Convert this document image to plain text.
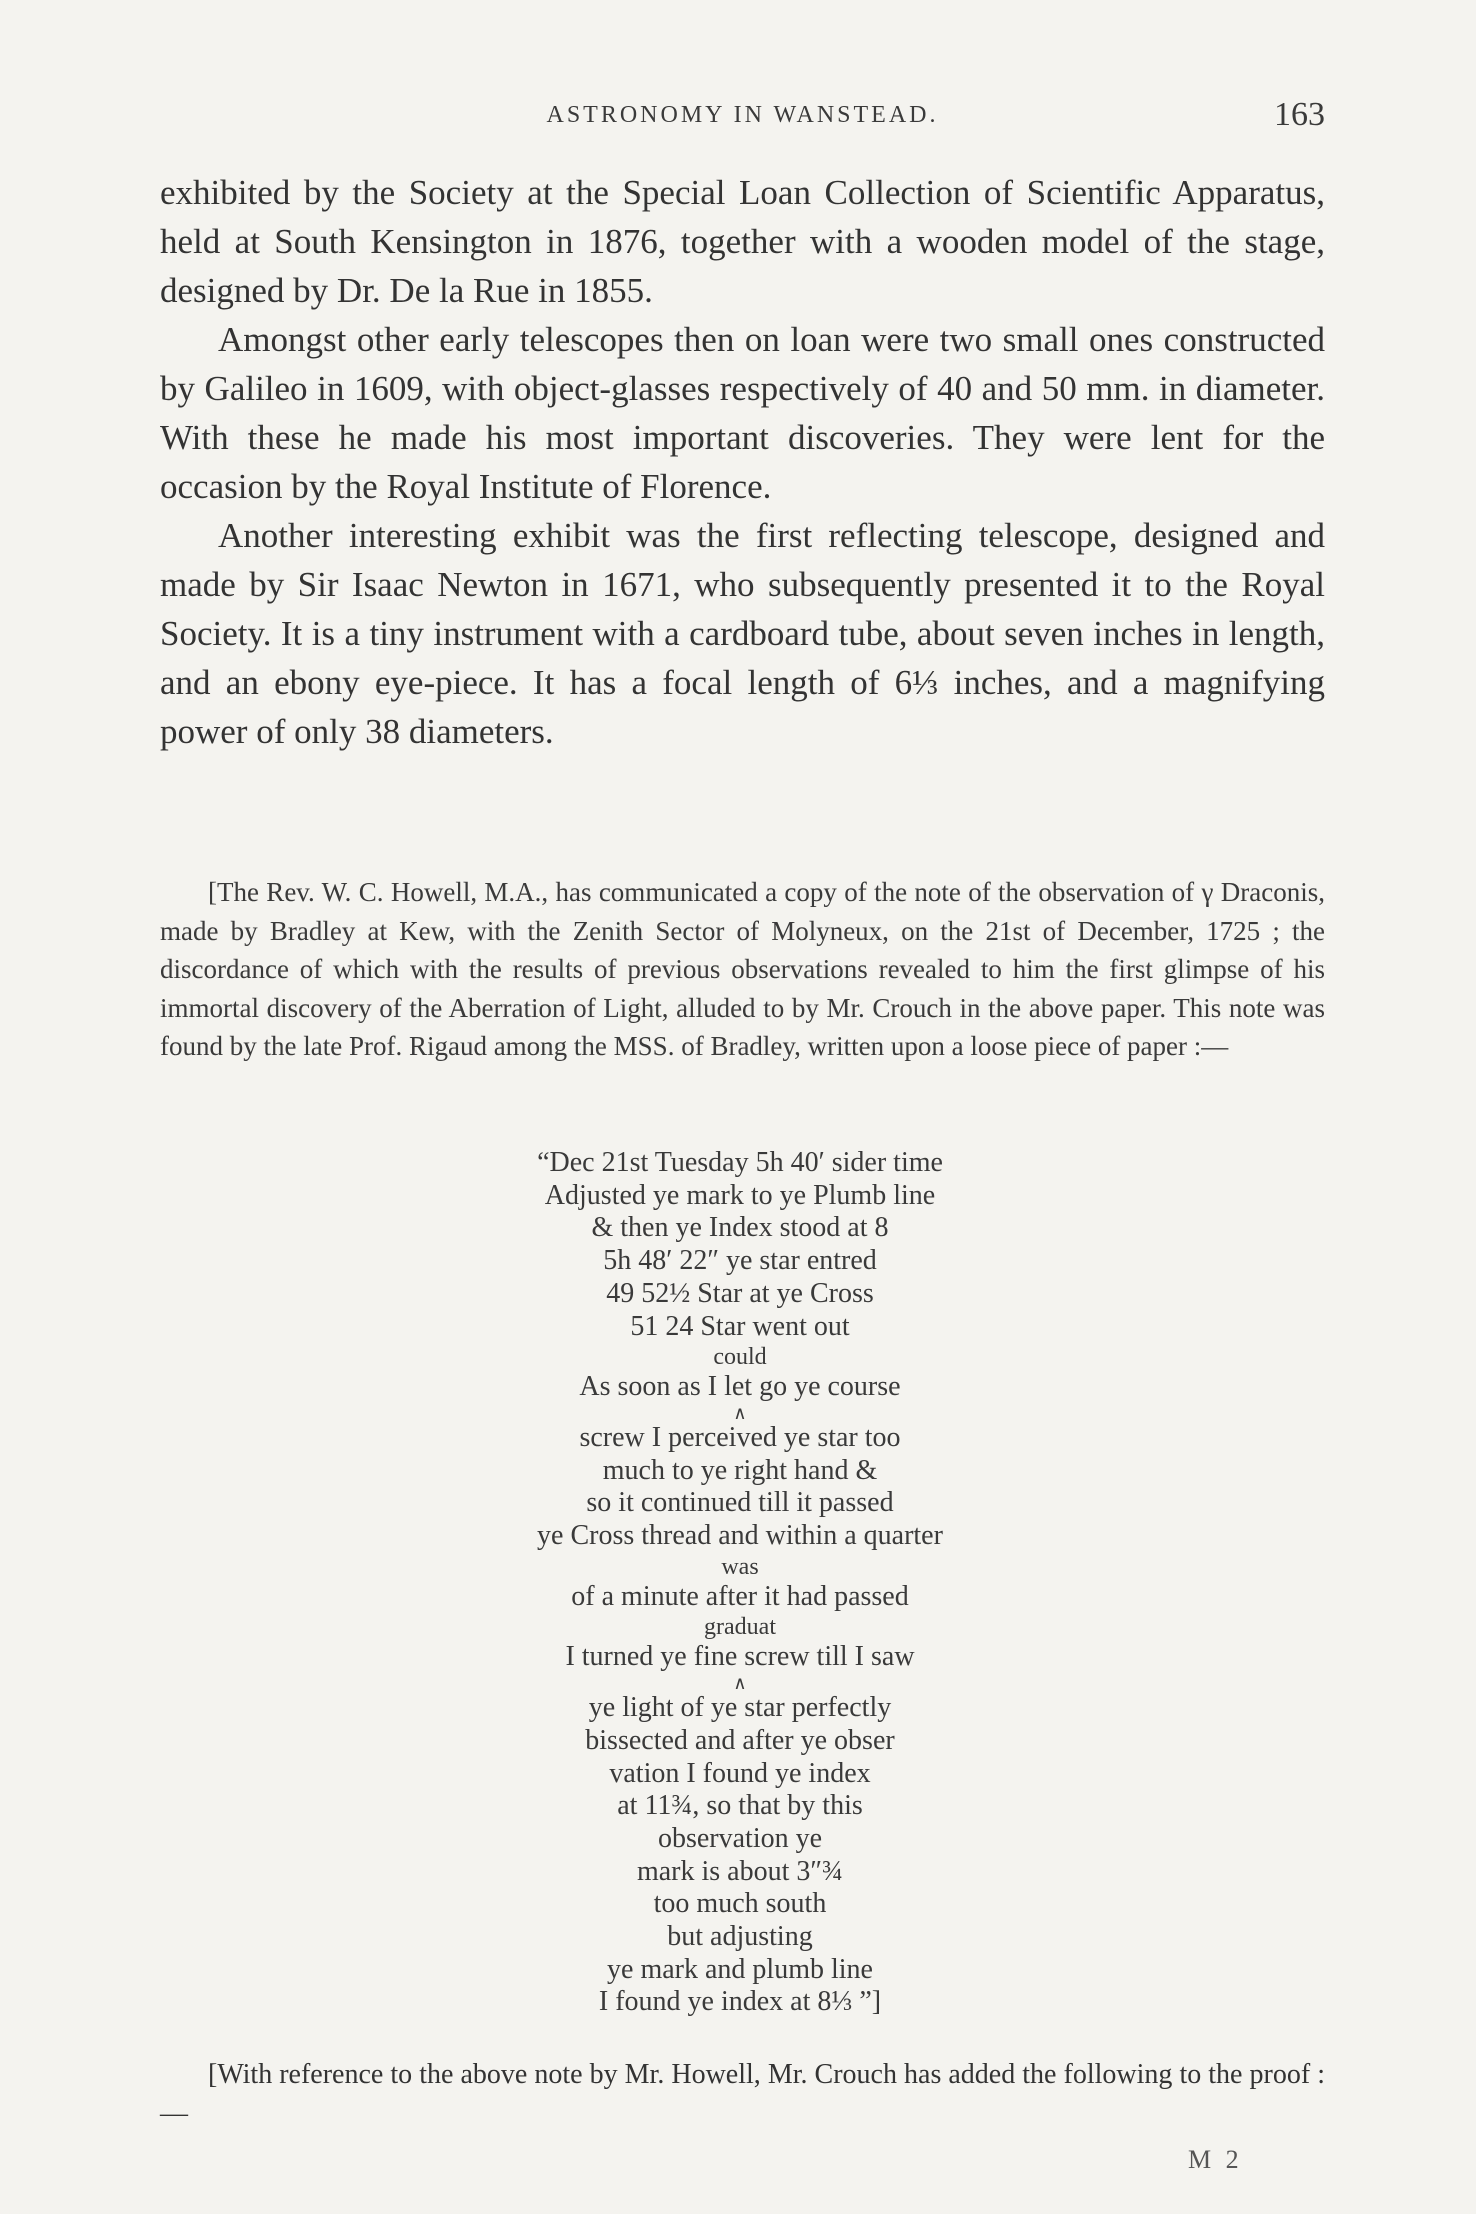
ASTRONOMY IN WANSTEAD.	163

exhibited by the Society at the Special Loan Collection of Scientific Apparatus, held at South Kensington in 1876, together with a wooden model of the stage, designed by Dr. De la Rue in 1855.

Amongst other early telescopes then on loan were two small ones constructed by Galileo in 1609, with object-glasses respectively of 40 and 50 mm. in diameter. With these he made his most important discoveries. They were lent for the occasion by the Royal Institute of Florence.

Another interesting exhibit was the first reflecting telescope, designed and made by Sir Isaac Newton in 1671, who subsequently presented it to the Royal Society. It is a tiny instrument with a cardboard tube, about seven inches in length, and an ebony eye-piece. It has a focal length of 6⅓ inches, and a magnifying power of only 38 diameters.

[The Rev. W. C. Howell, M.A., has communicated a copy of the note of the observation of γ Draconis, made by Bradley at Kew, with the Zenith Sector of Molyneux, on the 21st of December, 1725 ; the discordance of which with the results of previous observations revealed to him the first glimpse of his immortal discovery of the Aberration of Light, alluded to by Mr. Crouch in the above paper. This note was found by the late Prof. Rigaud among the MSS. of Bradley, written upon a loose piece of paper :—

“Dec 21st Tuesday 5h 40′ sider time
Adjusted ye mark to ye Plumb line
& then ye Index stood at 8
5h 48′ 22″ ye star entred
49 52½ Star at ye Cross
51 24 Star went out
could
As soon as I let go ye course
∧
screw I perceived ye star too
much to ye right hand &
so it continued till it passed
ye Cross thread and within a quarter
was
of a minute after it had passed
graduat
I turned ye fine screw till I saw
∧
ye light of ye star perfectly
bissected and after ye obser
vation I found ye index
at 11¾, so that by this
observation ye
mark is about 3″¾
too much south
but adjusting
ye mark and plumb line
I found ye index at 8⅓ ”]

[With reference to the above note by Mr. Howell, Mr. Crouch has added the following to the proof :—

M 2
